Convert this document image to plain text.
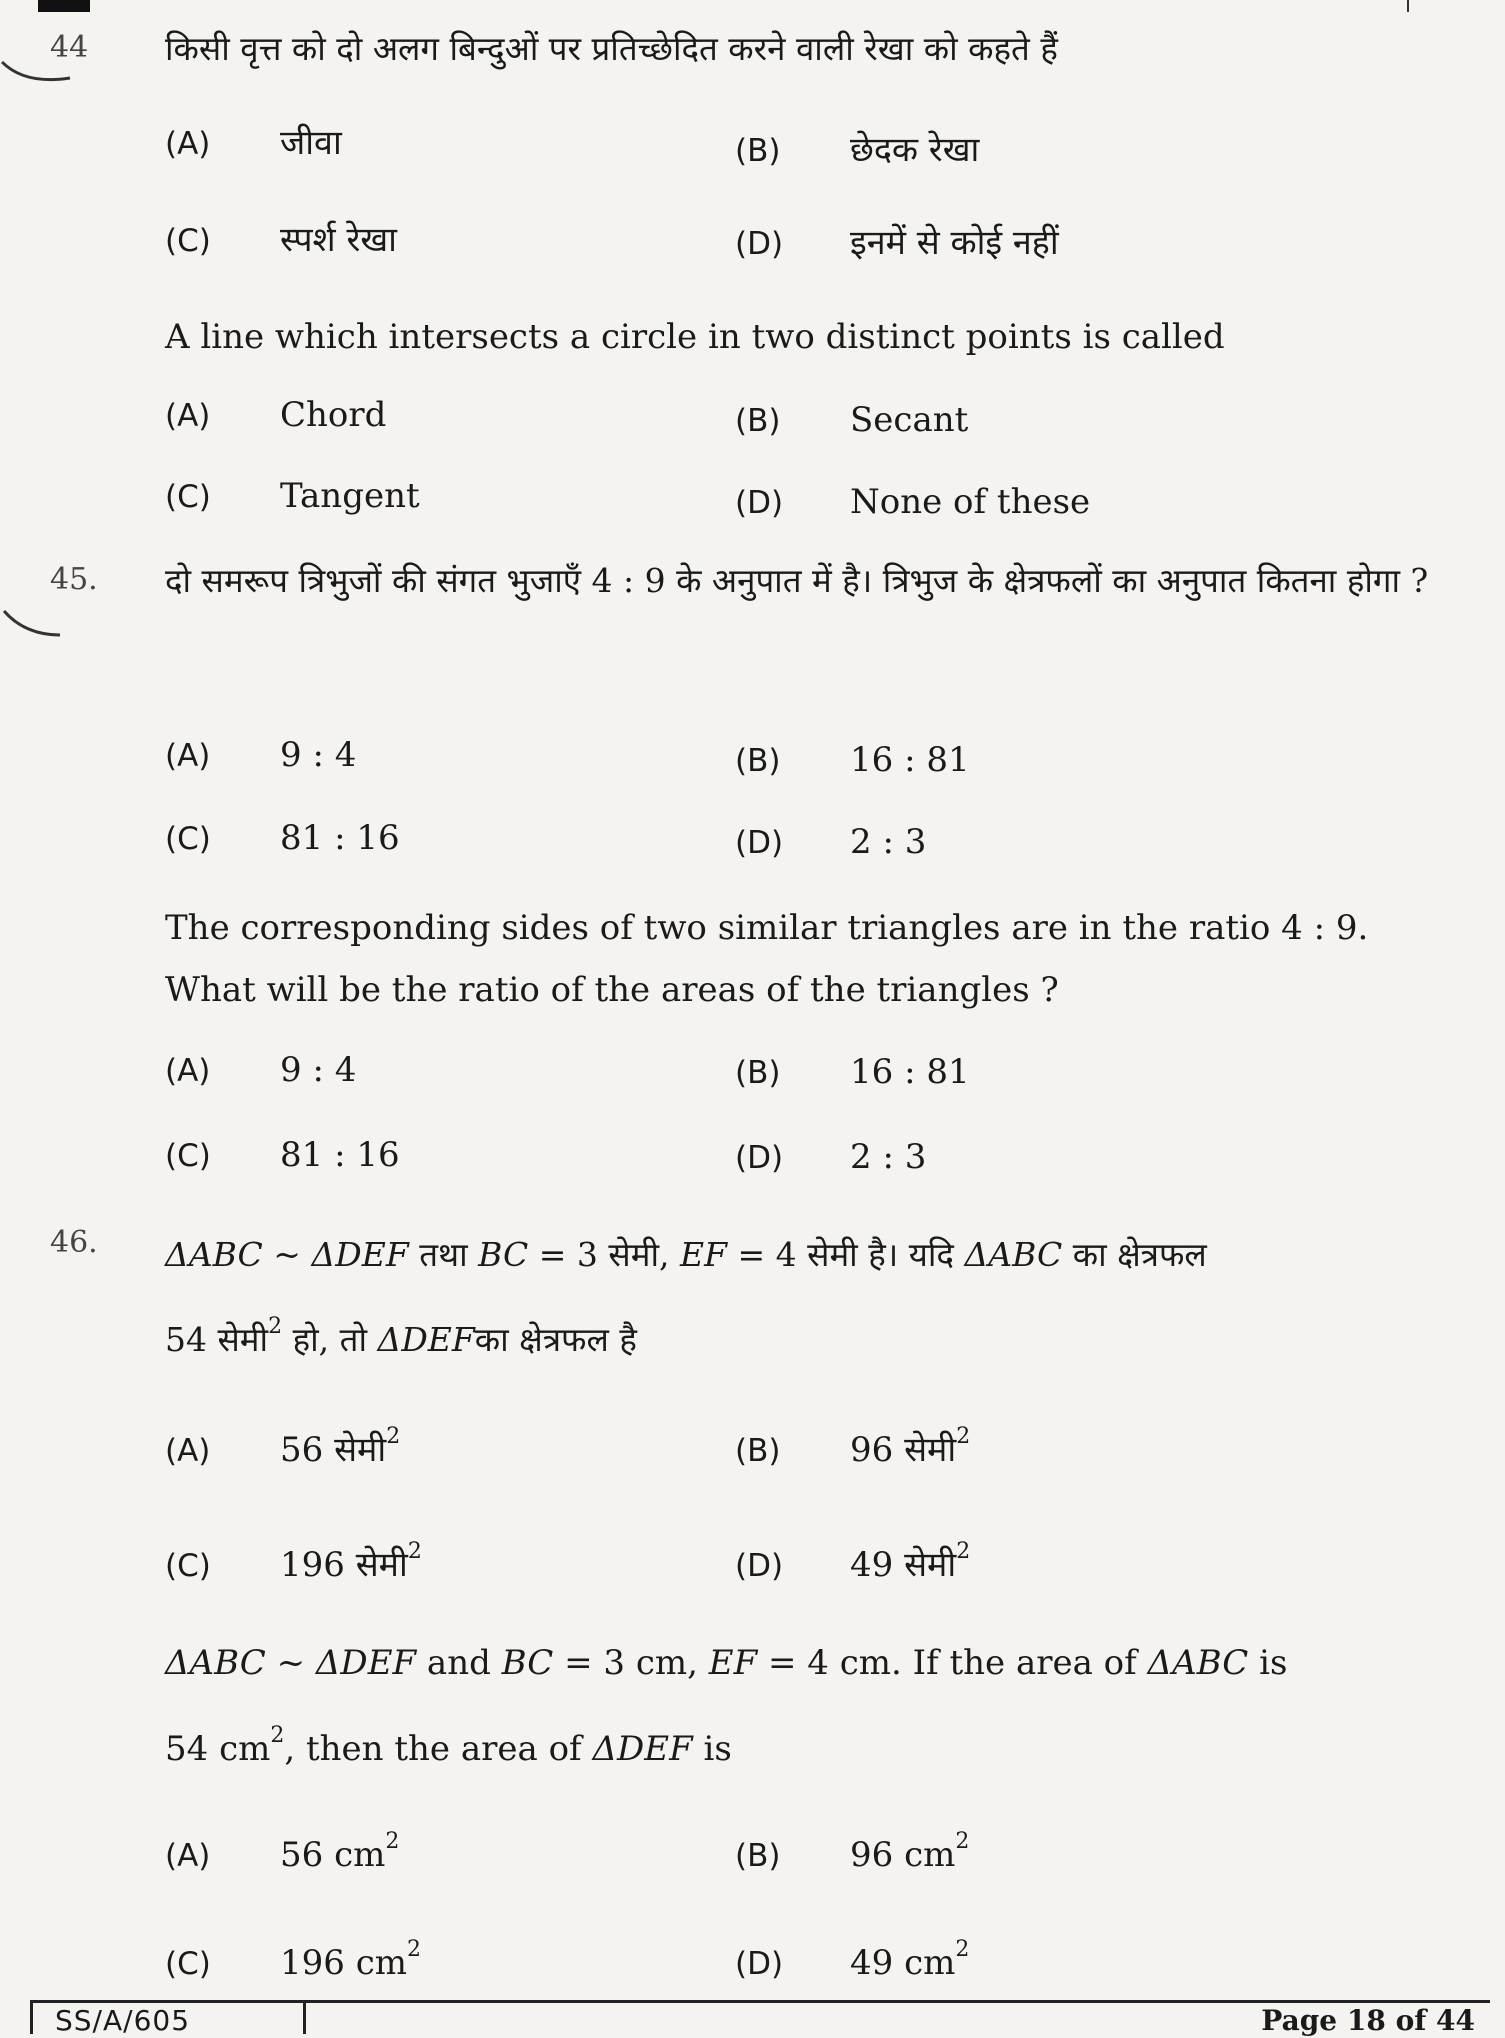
44 किसी वृत्त को दो अलग बिन्दुओं पर प्रतिच्छेदित करने वाली रेखा को कहते हैं
(A)	जीवा	(B)	छेदक रेखा
(C)	स्पर्श रेखा	(D)	इनमें से कोई नहीं
A line which intersects a circle in two distinct points is called
(A)	Chord	(B)	Secant
(C)	Tangent	(D)	None of these
45. दो समरूप त्रिभुजों की संगत भुजाएँ 4 : 9 के अनुपात में है। त्रिभुज के क्षेत्रफलों का अनुपात कितना होगा ?
(A)	9 : 4	(B)	16 : 81
(C)	81 : 16	(D)	2 : 3
The corresponding sides of two similar triangles are in the ratio 4 : 9. What will be the ratio of the areas of the triangles ?
(A)	9 : 4	(B)	16 : 81
(C)	81 : 16	(D)	2 : 3
46. ΔABC ~ ΔDEF तथा BC = 3 सेमी, EF = 4 सेमी है। यदि ΔABC का क्षेत्रफल
54 सेमी$^2$ हो, तो ΔDEFका क्षेत्रफल है
(A)	56 सेमी$^2$	(B)	96 सेमी$^2$
(C)	196 सेमी$^2$	(D)	49 सेमी$^2$
ΔABC ~ ΔDEF and BC = 3 cm, EF = 4 cm. If the area of ΔABC is
54 $cm^2$, then the area of ΔDEF is
(A)	56 $cm^2$	(B)	96 $cm^2$
(C)	196 $cm^2$	(D)	49 $cm^2$
SS/A/605	Page 18 of 44
